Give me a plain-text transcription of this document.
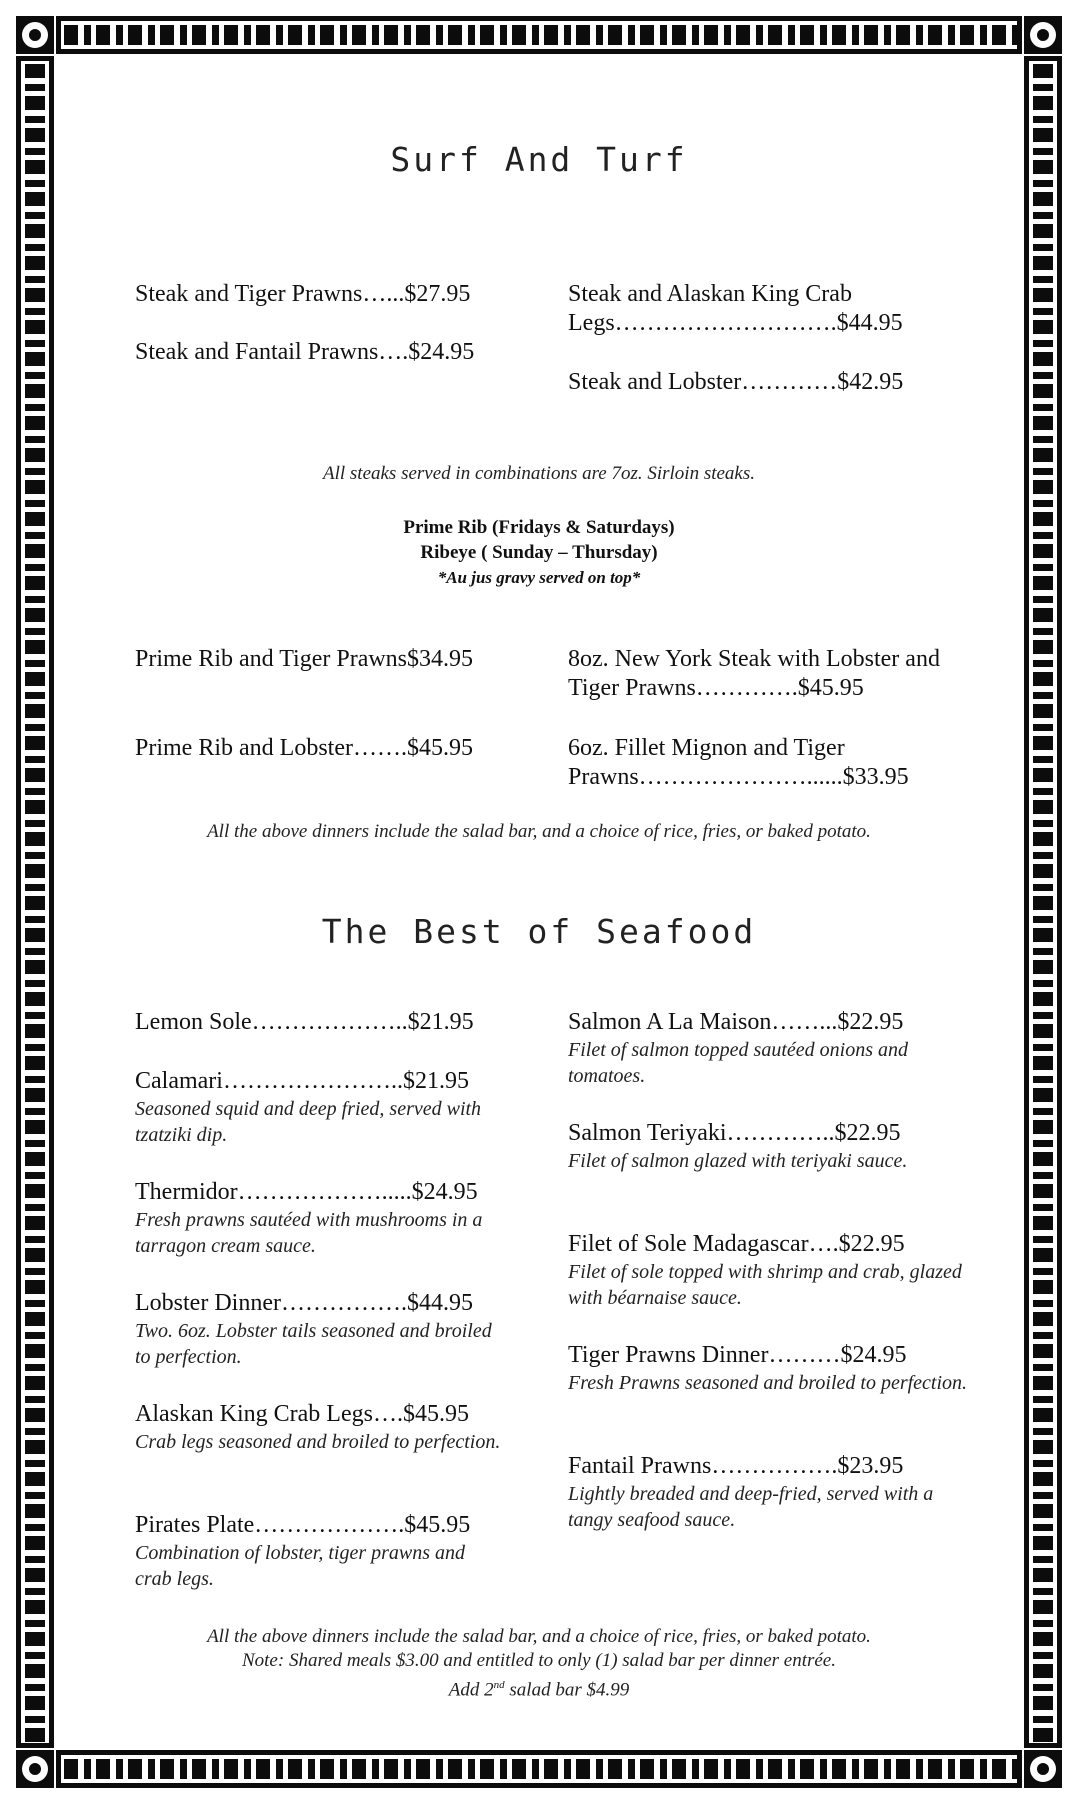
Surf And Turf
Steak and Tiger Prawns…...$27.95
Steak and Fantail Prawns….$24.95
Steak and Alaskan King Crab Legs……………………….$44.95
Steak and Lobster…………$42.95
All steaks served in combinations are 7oz. Sirloin steaks.
Prime Rib (Fridays & Saturdays)
Ribeye ( Sunday – Thursday)
*Au jus gravy served on top*
Prime Rib and Tiger Prawns$34.95
Prime Rib and Lobster…….$45.95
8oz. New York Steak with Lobster and Tiger Prawns………….$45.95
6oz. Fillet Mignon and Tiger Prawns…………………......$33.95
All the above dinners include the salad bar, and a choice of rice, fries, or baked potato.
The Best of Seafood
Lemon Sole………………..$21.95
Calamari…………………..$21.95
Seasoned squid and deep fried, served with tzatziki dip.
Thermidor……………….....$24.95
Fresh prawns sautéed with mushrooms in a tarragon cream sauce.
Lobster Dinner…………….$44.95
Two. 6oz. Lobster tails seasoned and broiled to perfection.
Alaskan King Crab Legs….$45.95
Crab legs seasoned and broiled to perfection.
Pirates Plate……………….$45.95
Combination of lobster, tiger prawns and crab legs.
Salmon A La Maison……...$22.95
Filet of salmon topped sautéed onions and tomatoes.
Salmon Teriyaki…………..$22.95
Filet of salmon glazed with teriyaki sauce.
Filet of Sole Madagascar….$22.95
Filet of sole topped with shrimp and crab, glazed with béarnaise sauce.
Tiger Prawns Dinner………$24.95
Fresh Prawns seasoned and broiled to perfection.
Fantail Prawns…………….$23.95
Lightly breaded and deep-fried, served with a tangy seafood sauce.
All the above dinners include the salad bar, and a choice of rice, fries, or baked potato.
Note: Shared meals $3.00 and entitled to only (1) salad bar per dinner entrée.
Add 2nd salad bar $4.99
